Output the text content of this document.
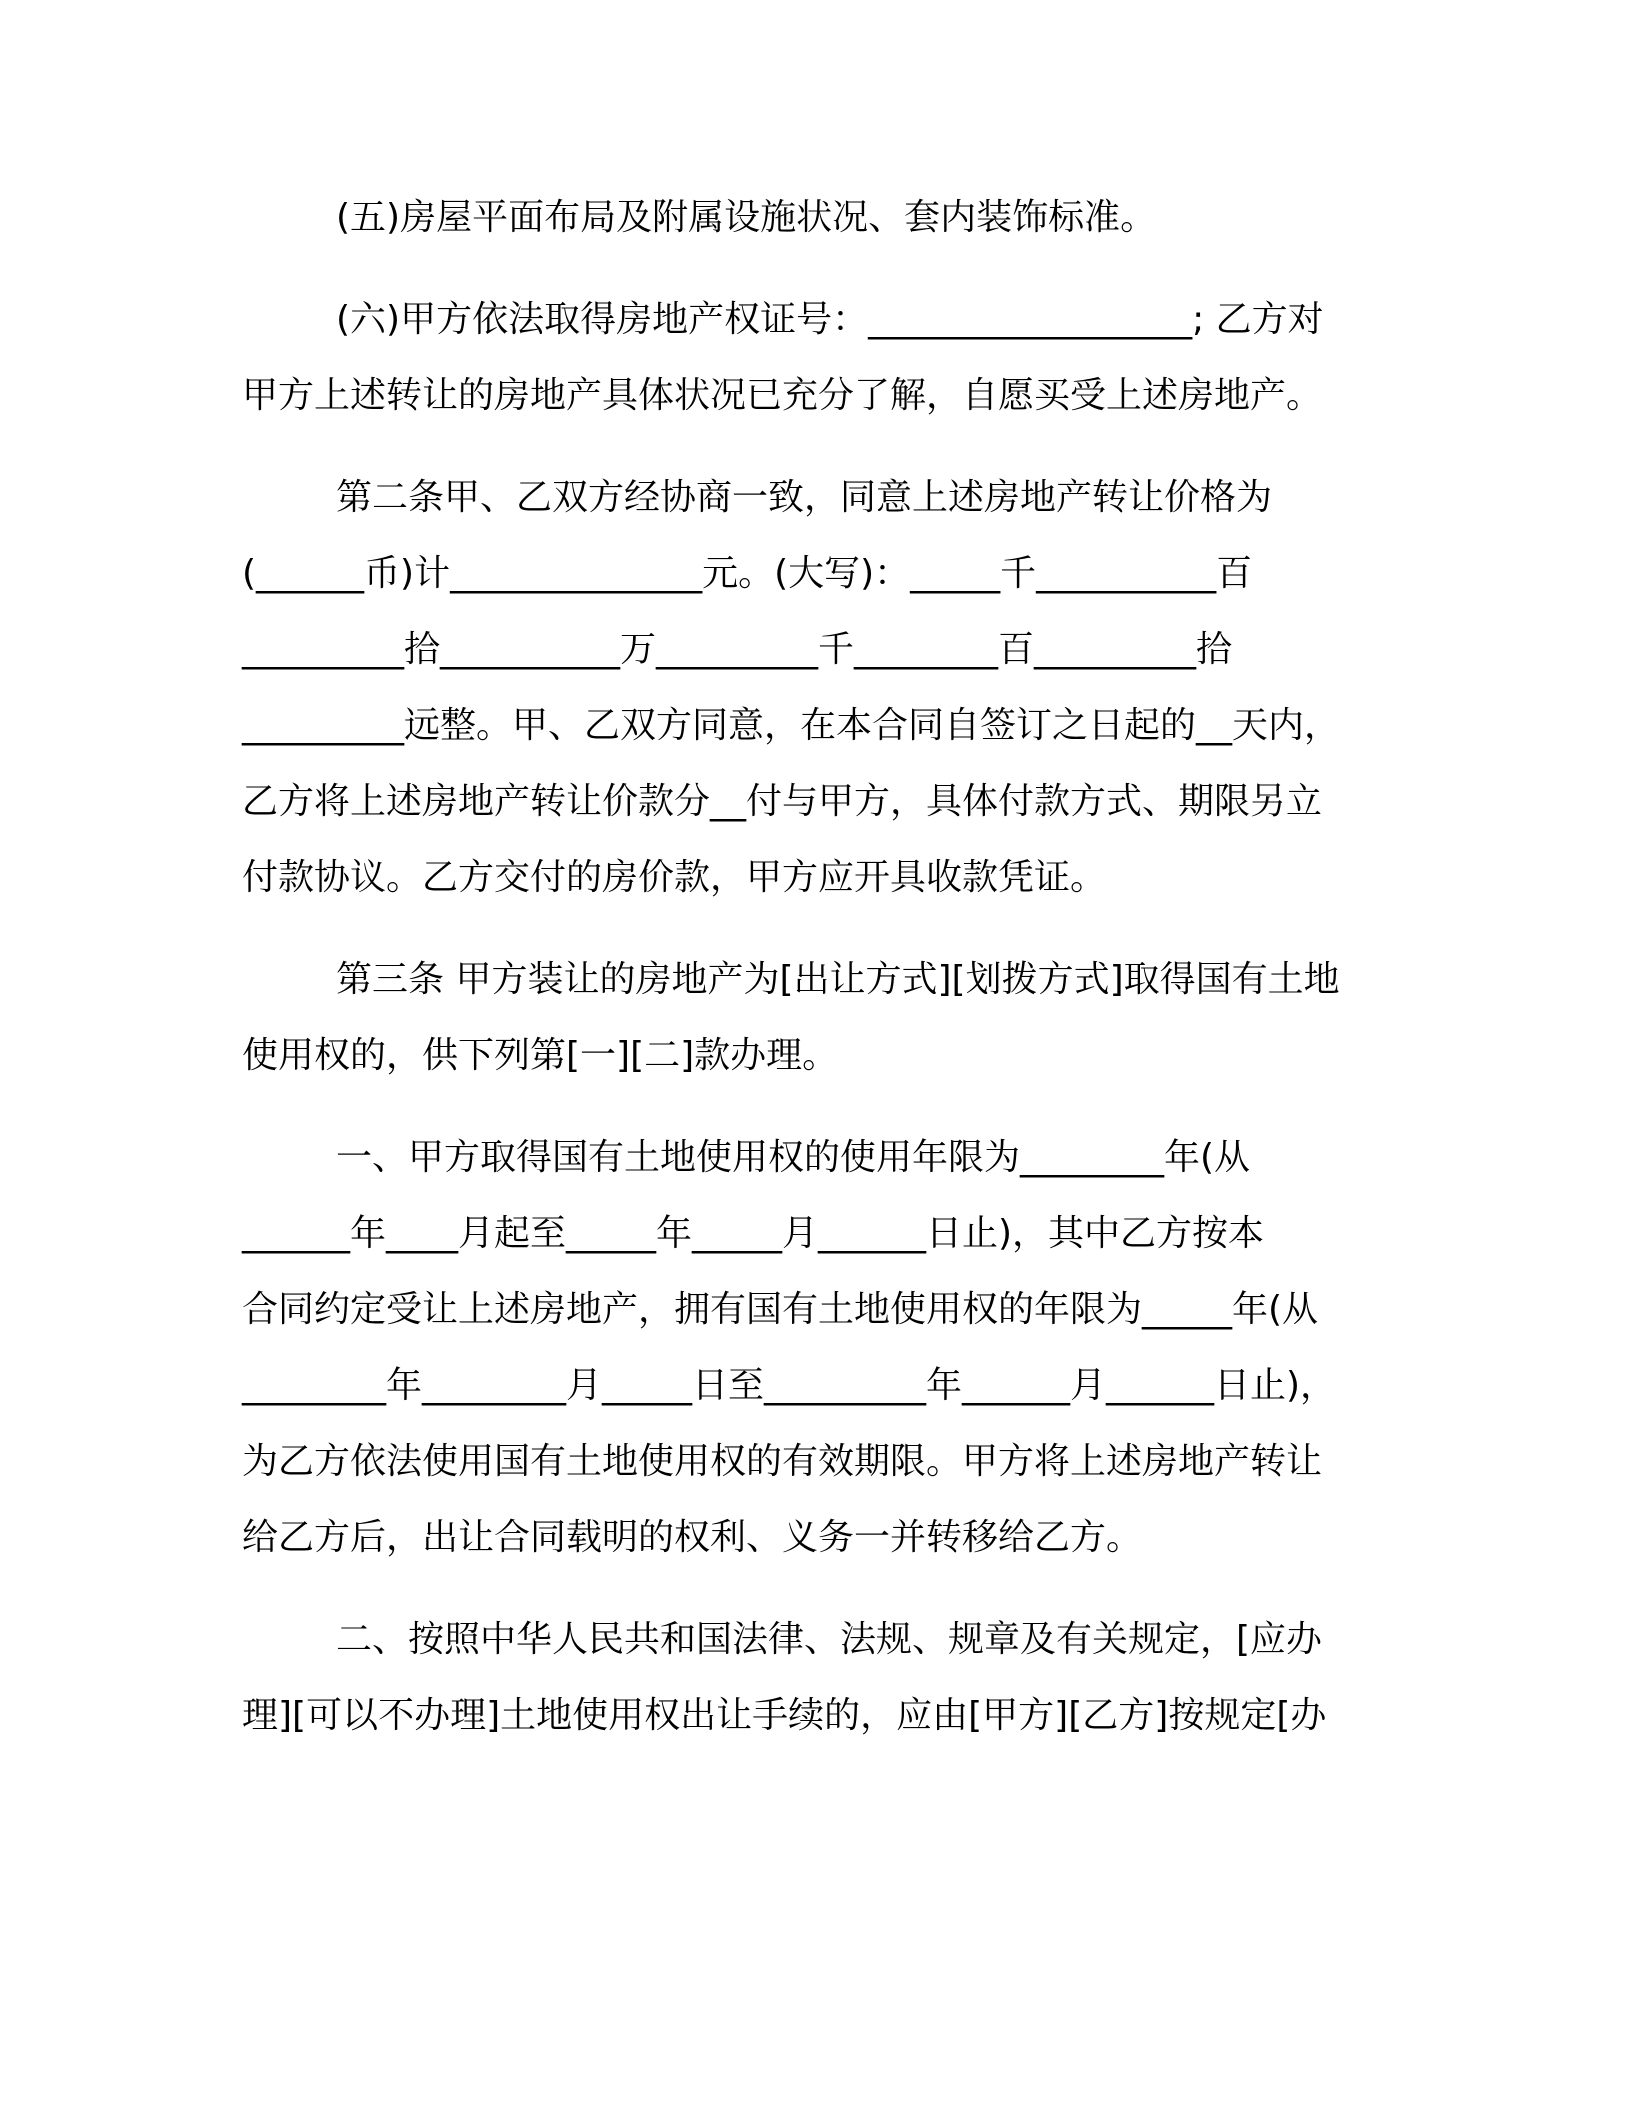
(五)房屋平面布局及附属设施状况、套内装饰标准。
(六)甲方依法取得房地产权证号：__________________; 乙方对
甲方上述转让的房地产具体状况已充分了解，自愿买受上述房地产。
第二条甲、乙双方经协商一致，同意上述房地产转让价格为
(______币)计______________元。(大写)：_____千__________百
_________拾__________万_________千________百_________拾
_________远整。甲、乙双方同意，在本合同自签订之日起的__天内，
乙方将上述房地产转让价款分__付与甲方，具体付款方式、期限另立
付款协议。乙方交付的房价款，甲方应开具收款凭证。
第三条 甲方装让的房地产为[出让方式][划拨方式]取得国有土地
使用权的，供下列第[一][二]款办理。
一、甲方取得国有土地使用权的使用年限为________年(从
______年____月起至_____年_____月______日止)，其中乙方按本
合同约定受让上述房地产，拥有国有土地使用权的年限为_____年(从
________年________月_____日至_________年______月______日止)，
为乙方依法使用国有土地使用权的有效期限。甲方将上述房地产转让
给乙方后，出让合同载明的权利、义务一并转移给乙方。
二、按照中华人民共和国法律、法规、规章及有关规定，[应办
理][可以不办理]土地使用权出让手续的，应由[甲方][乙方]按规定[办
